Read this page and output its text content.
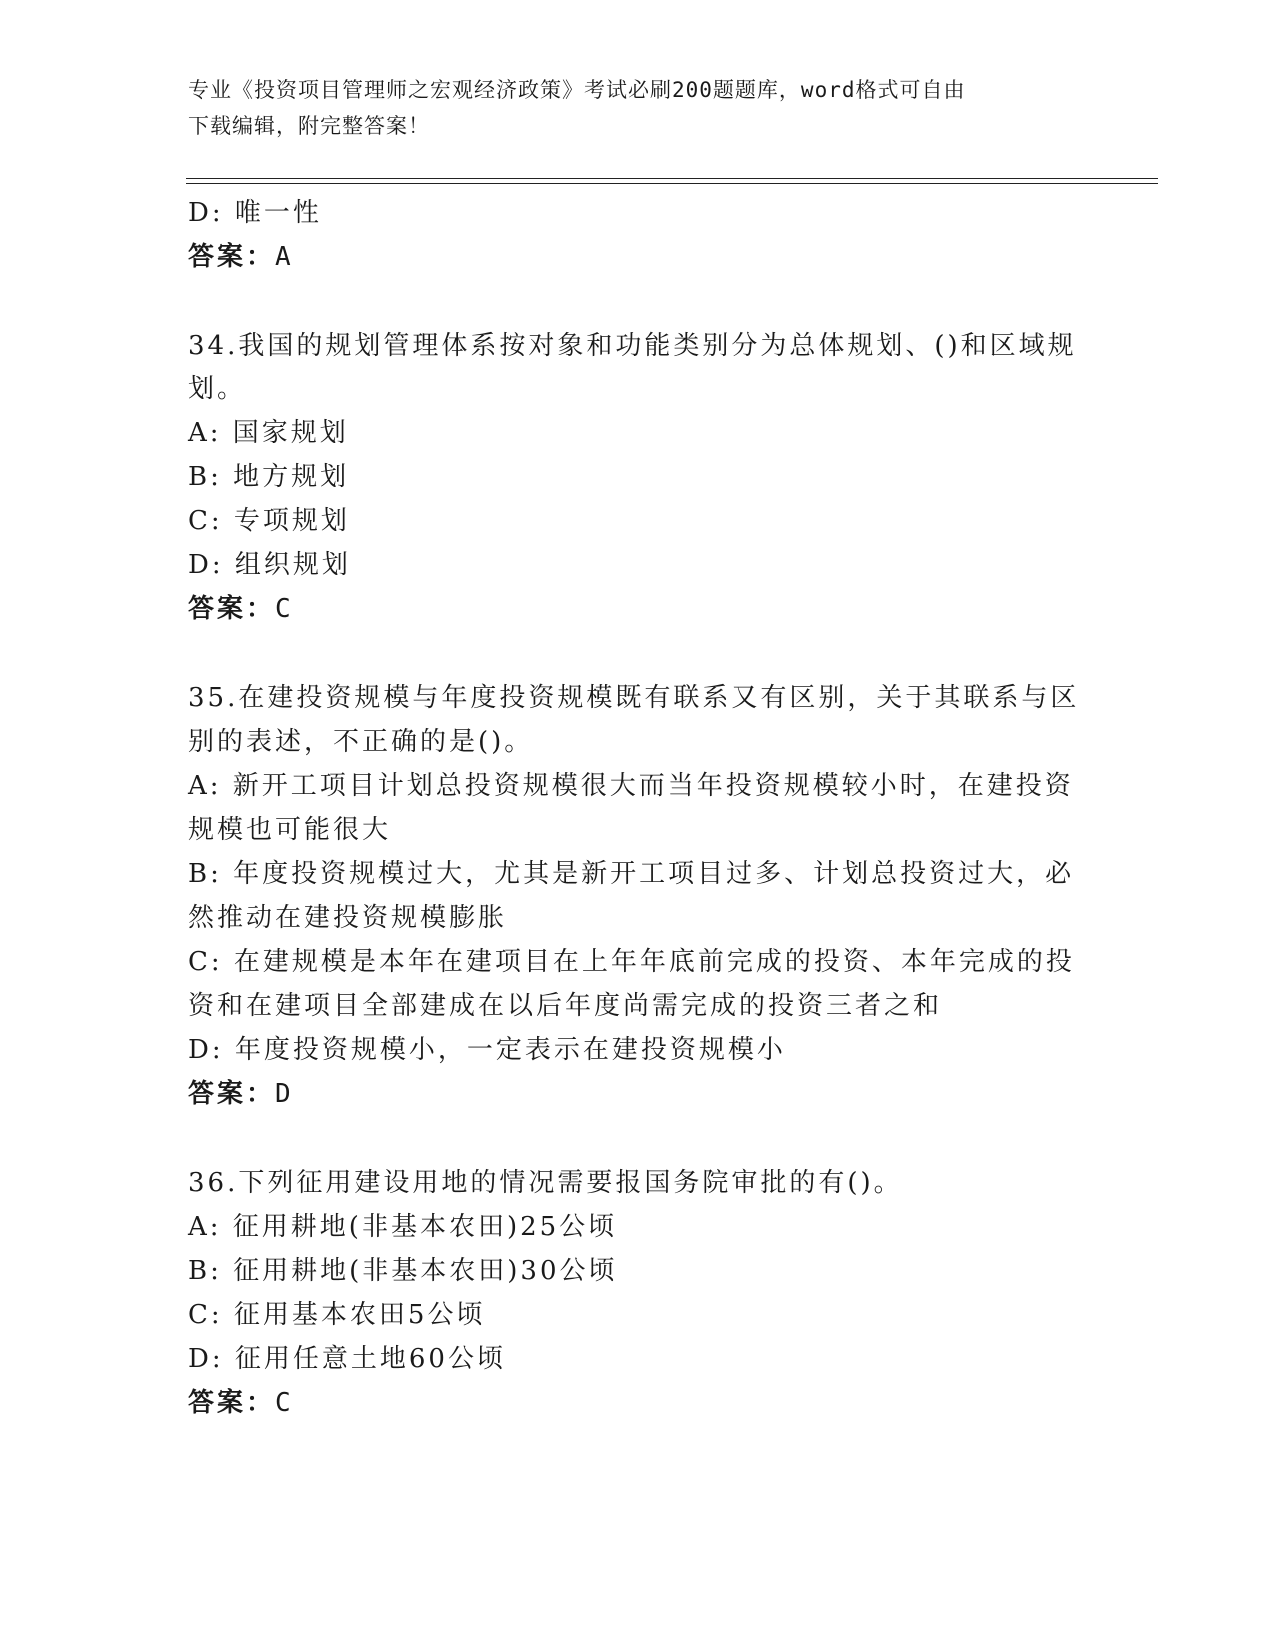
专业《投资项目管理师之宏观经济政策》考试必刷200题题库，word格式可自由
下载编辑，附完整答案！
D: 唯一性
答案：A
34.我国的规划管理体系按对象和功能类别分为总体规划、()和区域规
划。
A: 国家规划
B: 地方规划
C: 专项规划
D: 组织规划
答案：C
35.在建投资规模与年度投资规模既有联系又有区别，关于其联系与区
别的表述，不正确的是()。
A: 新开工项目计划总投资规模很大而当年投资规模较小时，在建投资
规模也可能很大
B: 年度投资规模过大，尤其是新开工项目过多、计划总投资过大，必
然推动在建投资规模膨胀
C: 在建规模是本年在建项目在上年年底前完成的投资、本年完成的投
资和在建项目全部建成在以后年度尚需完成的投资三者之和
D: 年度投资规模小，一定表示在建投资规模小
答案：D
36.下列征用建设用地的情况需要报国务院审批的有()。
A: 征用耕地(非基本农田)25公顷
B: 征用耕地(非基本农田)30公顷
C: 征用基本农田5公顷
D: 征用任意土地60公顷
答案：C
